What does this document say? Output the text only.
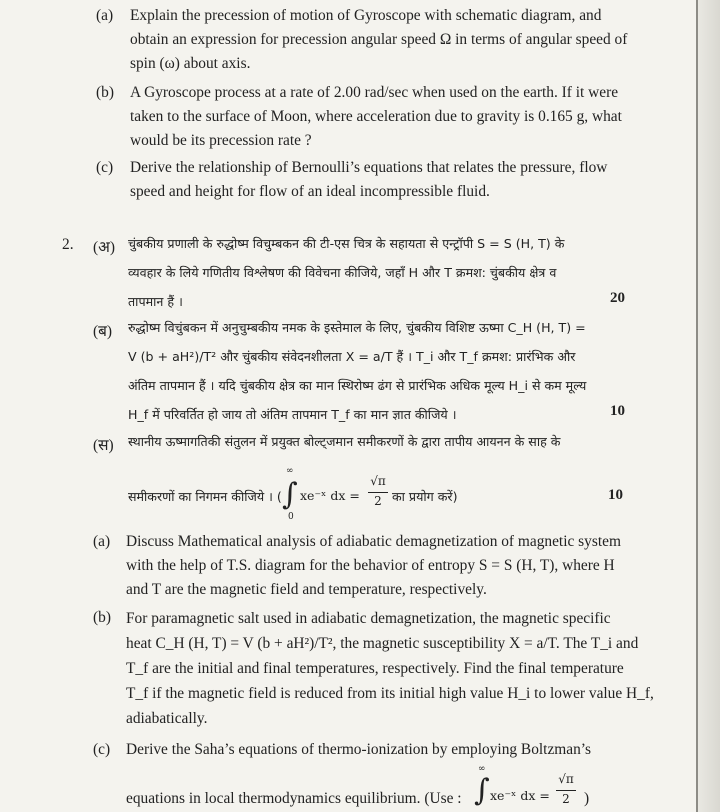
(a) Explain the precession of motion of Gyroscope with schematic diagram, and
obtain an expression for precession angular speed Ω in terms of angular speed of
spin (ω) about axis.
(b) A Gyroscope process at a rate of 2.00 rad/sec when used on the earth. If it were
taken to the surface of Moon, where acceleration due to gravity is 0.165 g, what
would be its precession rate ?
(c) Derive the relationship of Bernoulli’s equations that relates the pressure, flow
speed and height for flow of an ideal incompressible fluid.
2. (अ) चुंबकीय प्रणाली के रुद्धोष्म विचुम्बकन की टी-एस चित्र के सहायता से एन्ट्रॉपी S = S (H, T) के
व्यवहार के लिये गणितीय विश्लेषण की विवेचना कीजिये, जहाँ H और T क्रमश: चुंबकीय क्षेत्र व
तापमान हैं ।	20
(ब) रुद्धोष्म विचुंबकन में अनुचुम्बकीय नमक के इस्तेमाल के लिए, चुंबकीय विशिष्ट ऊष्मा C_H (H, T) =
V (b + aH²)/T² और चुंबकीय संवेदनशीलता X = a/T हैं । T_i और T_f क्रमश: प्रारंभिक और
अंतिम तापमान हैं । यदि चुंबकीय क्षेत्र का मान स्थिरोष्म ढंग से प्रारंभिक अधिक मूल्य H_i से कम मूल्य
H_f में परिवर्तित हो जाय तो अंतिम तापमान T_f का मान ज्ञात कीजिये ।	10
(स) स्थानीय ऊष्मागतिकी संतुलन में प्रयुक्त बोल्ट्जमान समीकरणों के द्वारा तापीय आयनन के साह के
समीकरणों का निगमन कीजिये । (
∞
∫
0
xe⁻ˣ dx =
√π
2 का प्रयोग करें)	10
(a) Discuss Mathematical analysis of adiabatic demagnetization of magnetic system
with the help of T.S. diagram for the behavior of entropy S = S (H, T), where H
and T are the magnetic field and temperature, respectively.
(b) For paramagnetic salt used in adiabatic demagnetization, the magnetic specific
heat C_H (H, T) = V (b + aH²)/T², the magnetic susceptibility X = a/T. The T_i and
T_f are the initial and final temperatures, respectively. Find the final temperature
T_f if the magnetic field is reduced from its initial high value H_i to lower value H_f,
adiabatically.
(c) Derive the Saha’s equations of thermo-ionization by employing Boltzman’s
equations in local thermodynamics equilibrium. (Use :
∞
∫ xe⁻ˣ dx =
√π
2 )
